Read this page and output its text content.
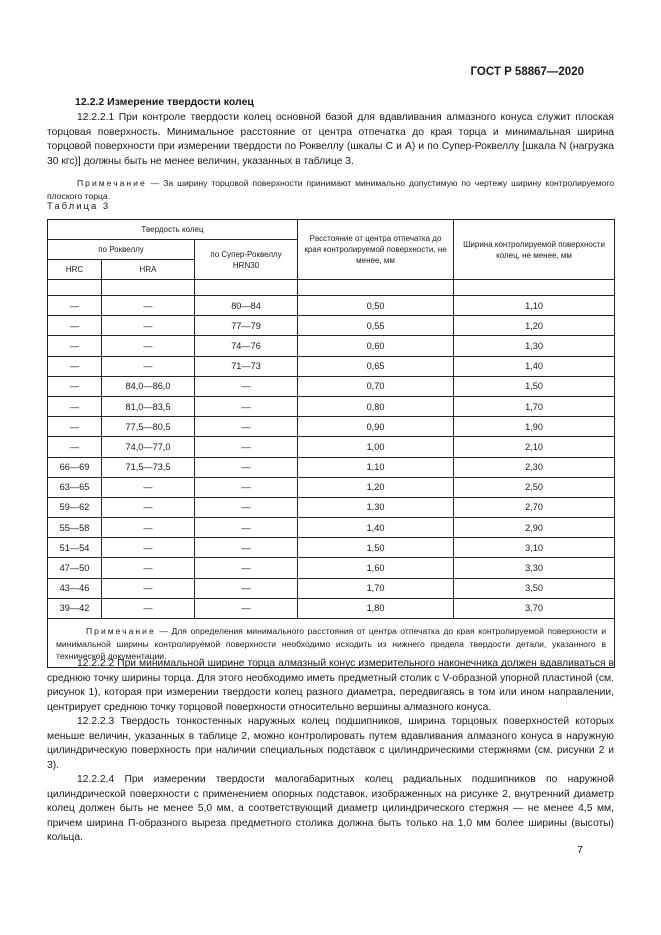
ГОСТ Р 58867—2020
12.2.2 Измерение твердости колец

12.2.2.1 При контроле твердости колец основной базой для вдавливания алмазного конуса служит плоская торцовая поверхность. Минимальное расстояние от центра отпечатка до края торца и минимальная ширина торцовой поверхности при измерении твердости по Роквеллу (шкалы С и А) и по Супер-Роквеллу [шкала N (нагрузка 30 кгс)] должны быть не менее величин, указанных в таблице 3.

Примечание — За ширину торцовой поверхности принимают минимально допустимую по чертежу ширину контролируемого плоского торца.

Таблица 3
Твердость колец			Расстояние от центра отпечатка до края контролируемой поверхности, не менее, мм	Ширина контролируемой поверхности колец, не менее, мм
по Роквеллу		по Супер-Роквеллу HRN30		
HRC	HRA			

—	—	80—84	0,50	1,10
—	—	77—79	0,55	1,20
—	—	74—76	0,60	1,30
—	—	71—73	0,65	1,40
—	84,0—86,0	—	0,70	1,50
—	81,0—83,5	—	0,80	1,70
—	77,5—80,5	—	0,90	1,90
—	74,0—77,0	—	1,00	2,10
66—69	71,5—73,5	—	1,10	2,30
63—65	—	—	1,20	2,50
59—62	—	—	1,30	2,70
55—58	—	—	1,40	2,90
51—54	—	—	1,50	3,10
47—50	—	—	1,60	3,30
43—46	—	—	1,70	3,50
39—42	—	—	1,80	3,70

Примечание — Для определения минимального расстояния от центра отпечатка до края контролируемой поверхности и минимальной ширины контролируемой поверхности необходимо исходить из нижнего предела твердости детали, указанного в технической документации.				

12.2.2.2 При минимальной ширине торца алмазный конус измерительного наконечника должен вдавливаться в среднюю точку ширины торца. Для этого необходимо иметь предметный столик с V-образной упорной пластиной (см. рисунок 1), которая при измерении твердости колец разного диаметра, передвигаясь в том или ином направлении, центрирует среднюю точку торцовой поверхности относительно вершины алмазного конуса.

12.2.2.3 Твердость тонкостенных наружных колец подшипников, ширина торцовых поверхностей которых меньше величин, указанных в таблице 2, можно контролировать путем вдавливания алмазного конуса в наружную цилиндрическую поверхность при наличии специальных подставок с цилиндрическими стержнями (см. рисунки 2 и 3).

12.2.2.4 При измерении твердости малогабаритных колец радиальных подшипников по наружной цилиндрической поверхности с применением опорных подставок, изображенных на рисунке 2, внутренний диаметр колец должен быть не менее 5,0 мм, а соответствующий диаметр цилиндрического стержня — не менее 4,5 мм, причем ширина П-образного выреза предметного столика должна быть только на 1,0 мм более ширины (высоты) кольца.

7
